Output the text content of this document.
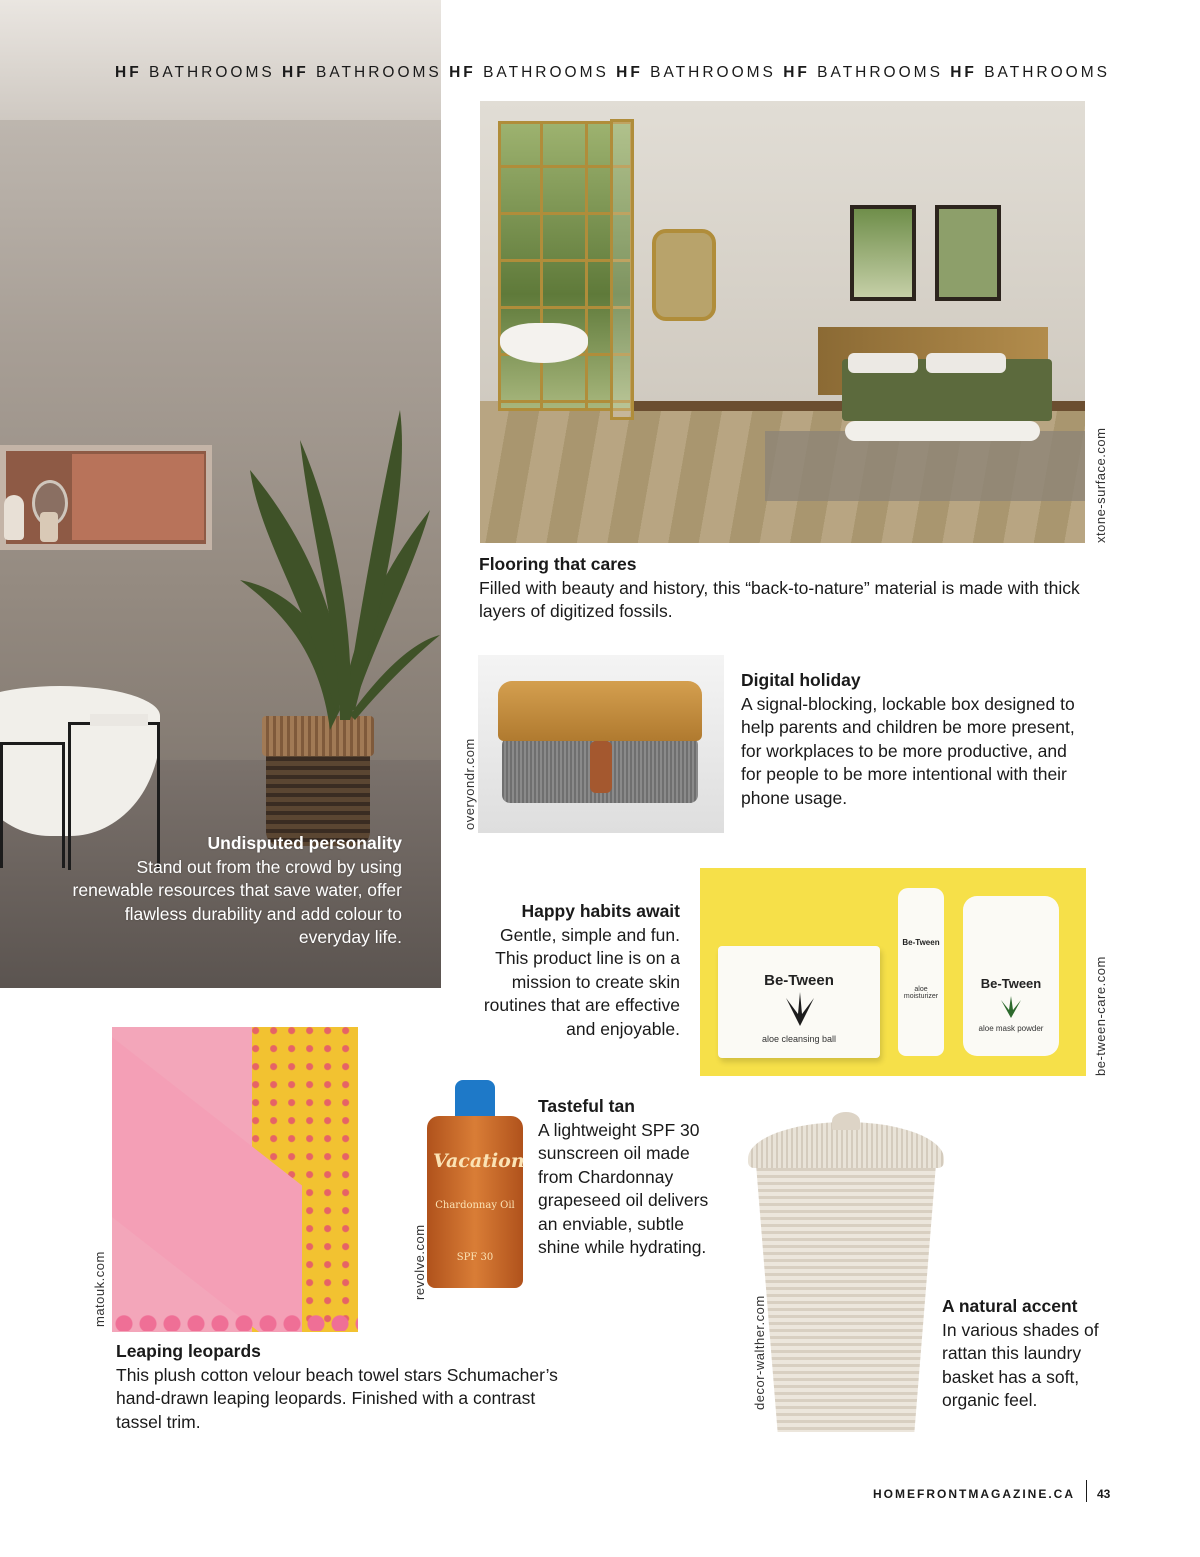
HF BATHROOMS HF BATHROOMS HF BATHROOMS HF BATHROOMS HF BATHROOMS HF BATHROOMS
Undisputed personality
Stand out from the crowd by using renewable resources that save water, offer flawless durability and add colour to everyday life.
xtone-surface.com
Flooring that cares
Filled with beauty and history, this “back-to-nature” material is made with thick layers of digitized fossils.
overyondr.com
Digital holiday
A signal-blocking, lockable box designed to help parents and children be more present, for workplaces to be more productive, and for people to be more intentional with their phone usage.
Happy habits await
Gentle, simple and fun. This product line is on a mission to create skin routines that are effective and enjoyable.
Be-Tween
aloe cleansing ball
Be-Tween
aloe moisturizer
Be-Tween
aloe mask powder	be-tween-care.com
matouk.com
Leaping leopards
This plush cotton velour beach towel stars Schumacher’s hand-drawn leaping leopards. Finished with a contrast tassel trim.
Vacation
Chardonnay Oil
SPF 30
revolve.com
Tasteful tan
A lightweight SPF 30 sunscreen oil made from Chardonnay grapeseed oil delivers an enviable, subtle shine while hydrating.
decor-walther.com	A natural accent
In various shades of rattan this laundry basket has a soft, organic feel.
HOMEFRONTMAGAZINE.CA 43
